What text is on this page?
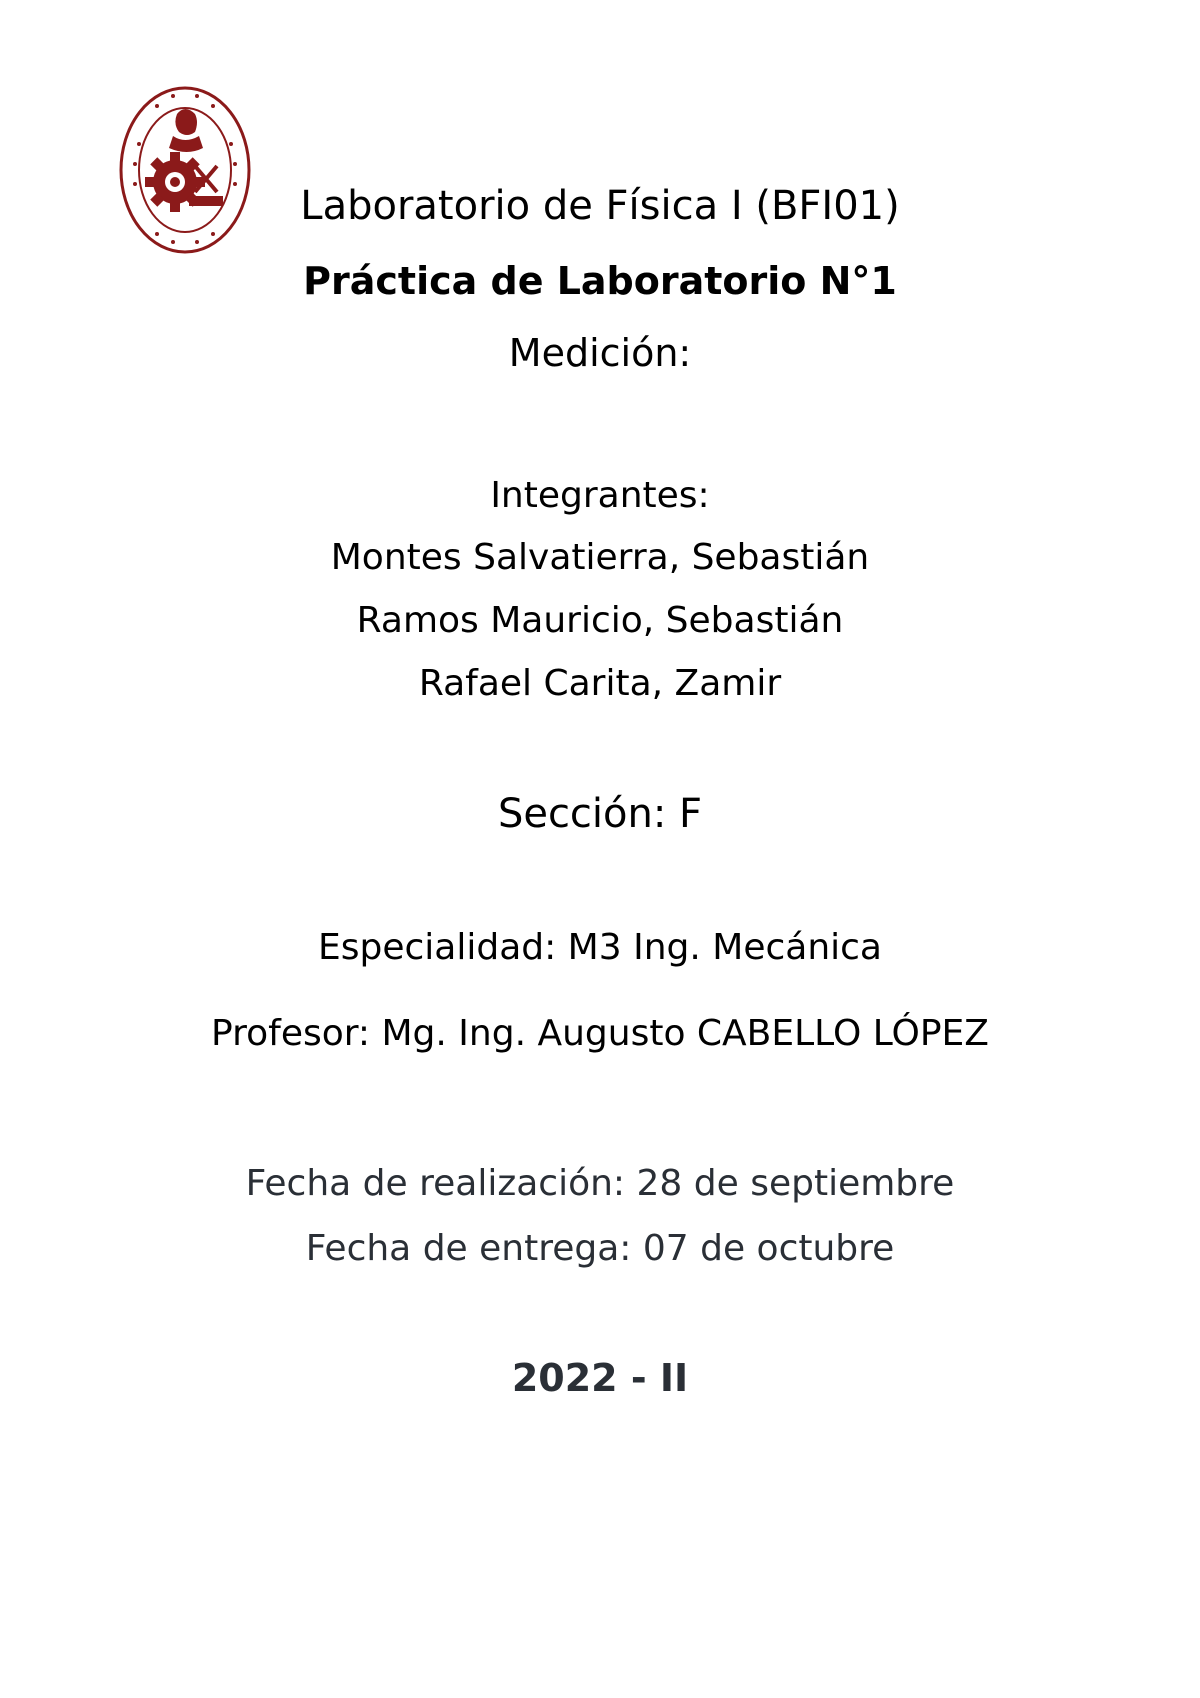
Laboratorio de Física I (BFI01)
Práctica de Laboratorio N°1
Medición:
Integrantes:
Montes Salvatierra, Sebastián
Ramos Mauricio, Sebastián
Rafael Carita, Zamir
Sección: F
Especialidad: M3 Ing. Mecánica
Profesor: Mg. Ing. Augusto CABELLO LÓPEZ
Fecha de realización: 28 de septiembre
Fecha de entrega: 07 de octubre
2022 - II
